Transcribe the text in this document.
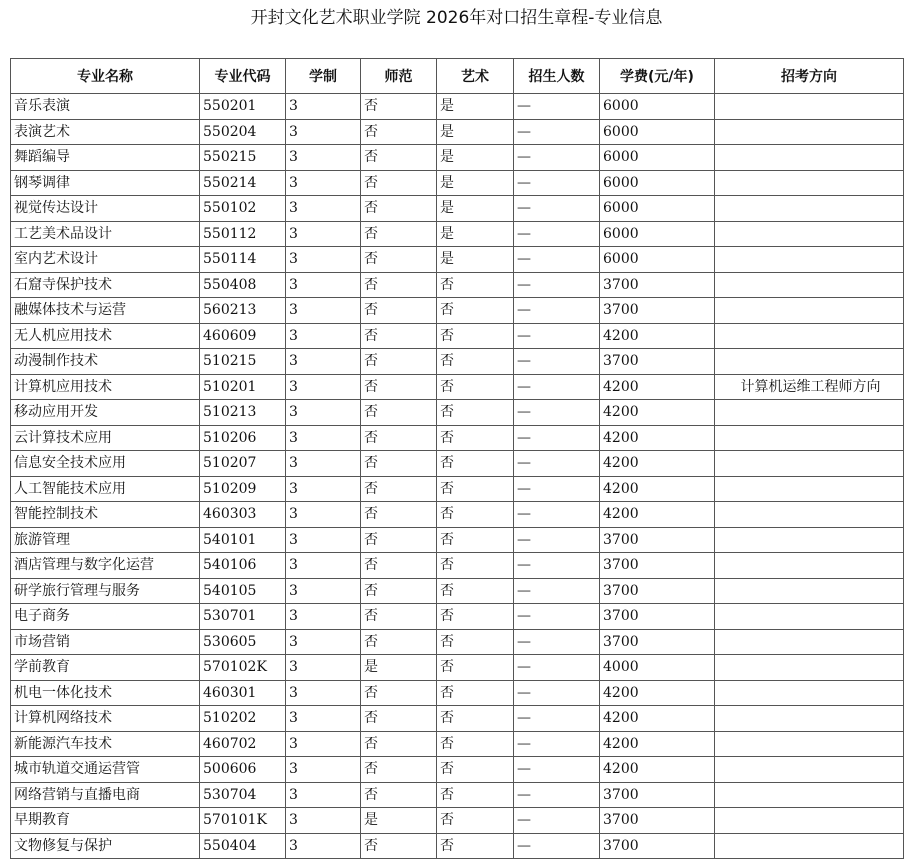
开封文化艺术职业学院 2026年对口招生章程-专业信息
专业名称	专业代码	学制	师范	艺术	招生人数	学费(元/年)	招考方向
音乐表演	550201	3	否	是	—	6000	
表演艺术	550204	3	否	是	—	6000	
舞蹈编导	550215	3	否	是	—	6000	
钢琴调律	550214	3	否	是	—	6000	
视觉传达设计	550102	3	否	是	—	6000	
工艺美术品设计	550112	3	否	是	—	6000	
室内艺术设计	550114	3	否	是	—	6000	
石窟寺保护技术	550408	3	否	否	—	3700	
融媒体技术与运营	560213	3	否	否	—	3700	
无人机应用技术	460609	3	否	否	—	4200	
动漫制作技术	510215	3	否	否	—	3700	
计算机应用技术	510201	3	否	否	—	4200	计算机运维工程师方向
移动应用开发	510213	3	否	否	—	4200	
云计算技术应用	510206	3	否	否	—	4200	
信息安全技术应用	510207	3	否	否	—	4200	
人工智能技术应用	510209	3	否	否	—	4200	
智能控制技术	460303	3	否	否	—	4200	
旅游管理	540101	3	否	否	—	3700	
酒店管理与数字化运营	540106	3	否	否	—	3700	
研学旅行管理与服务	540105	3	否	否	—	3700	
电子商务	530701	3	否	否	—	3700	
市场营销	530605	3	否	否	—	3700	
学前教育	570102K	3	是	否	—	4000	
机电一体化技术	460301	3	否	否	—	4200	
计算机网络技术	510202	3	否	否	—	4200	
新能源汽车技术	460702	3	否	否	—	4200	
城市轨道交通运营管	500606	3	否	否	—	4200	
网络营销与直播电商	530704	3	否	否	—	3700	
早期教育	570101K	3	是	否	—	3700	
文物修复与保护	550404	3	否	否	—	3700	
